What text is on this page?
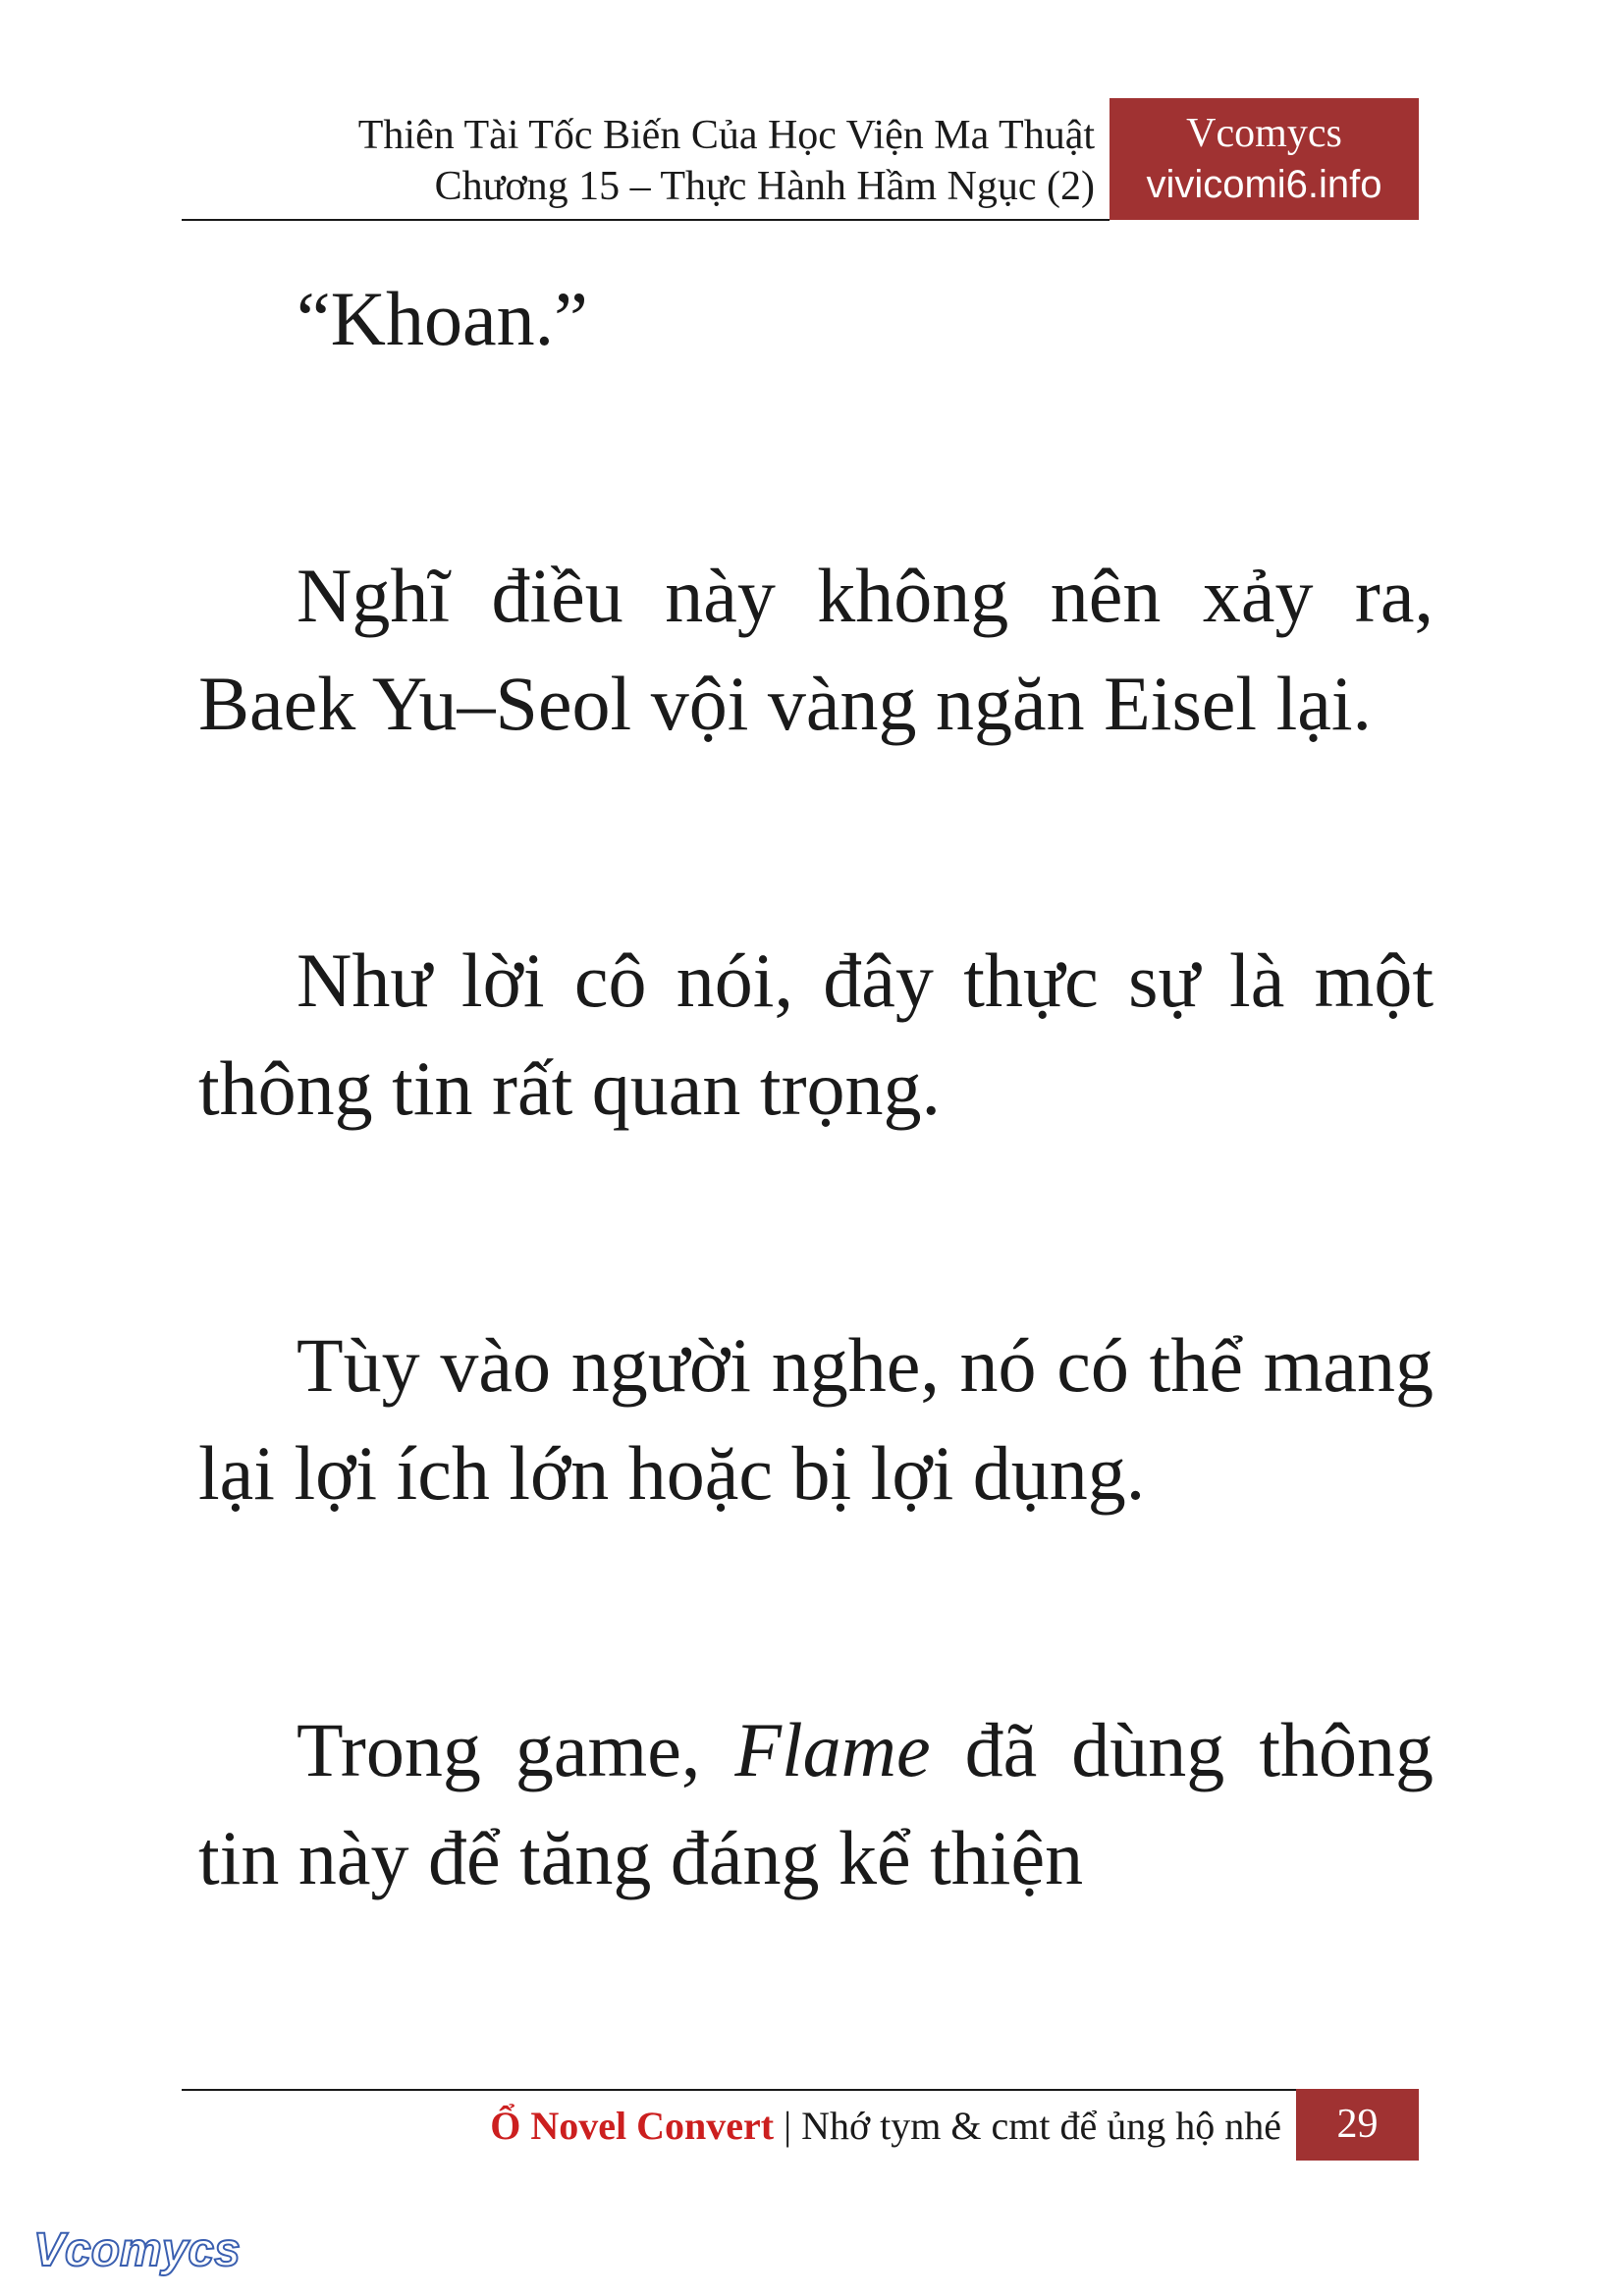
Thiên Tài Tốc Biến Của Học Viện Ma Thuật
Chương 15 – Thực Hành Hầm Ngục (2)
Vcomycs
vivicomi6.info

“Khoan.”

Nghĩ điều này không nên xảy ra, Baek Yu–Seol vội vàng ngăn Eisel lại.

Như lời cô nói, đây thực sự là một thông tin rất quan trọng.

Tùy vào người nghe, nó có thể mang lại lợi ích lớn hoặc bị lợi dụng.

Trong game, Flame đã dùng thông tin này để tăng đáng kể thiện

Ổ Novel Convert | Nhớ tym & cmt để ủng hộ nhé	29
Vcomycs
